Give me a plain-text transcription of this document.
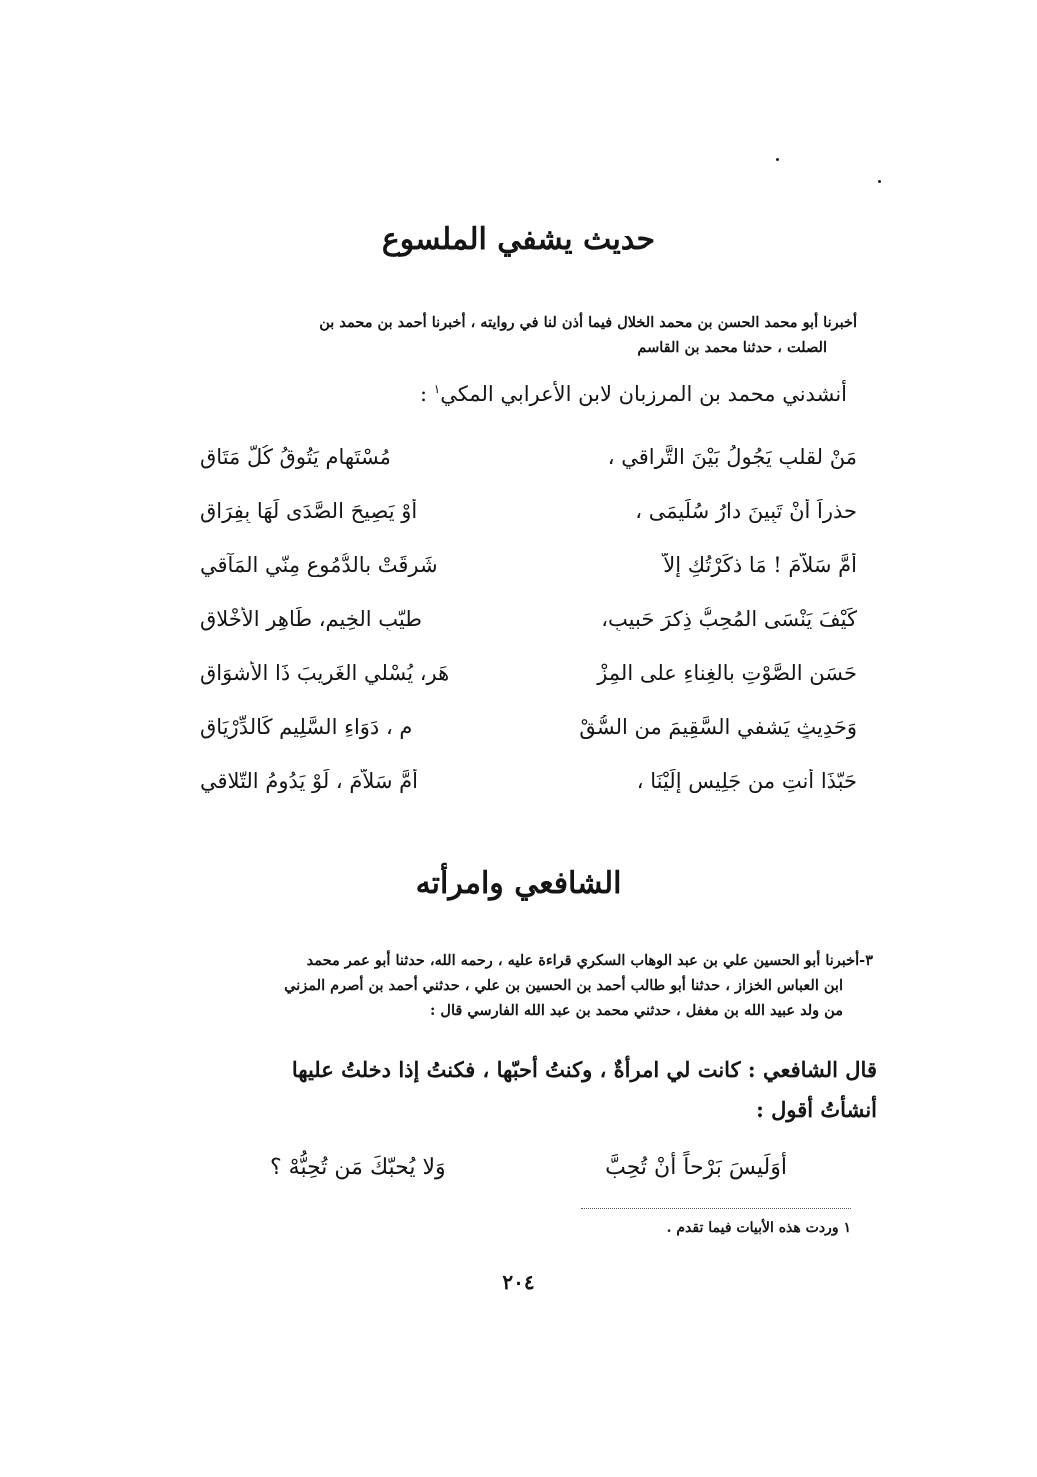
حديث يشفي الملسوع

أخبرنا أبو محمد الحسن بن محمد الخلال فيما أذن لنا في روايته ، أخبرنا أحمد بن محمد بن
الصلت ، حدثنا محمد بن القاسم

أنشدني محمد بن المرزبان لابن الأعرابي المكي$^١$ :

مَنْ لقلبٍ يَجُولُ بَيْنَ التَّراقي ،
مُسْتَهامٍ يَتُوقُ كُلَّ مَتَاقِ
حذراً أنْ تَبِينَ دارُ سُلَيمَى ،
أوْ يَصِيحَ الصَّدَى لَهَا بِفِرَاقِ
أمَّ سَلاَّمَ ! مَا ذكَرْتُكِ إلاَّ
شَرِقَتْ بالدُّمُوعِ مِنّي المَآقي
كَيْفَ يَنْسَى المُحِبُّ ذِكرَ حَبيبٍ،
طيّبِ الخِيمِ، طَاهِرِ الأخْلاقِ
حَسَنِ الصَّوْتِ بالغِناءِ على المِزْ
هَرِ، يُسْلي الغَرِيبَ ذَا الأشوَاقِ
وَحَدِيثٍ يَشفي السَّقِيمَ من السُّقْ
مِ ، دَوَاءِ السَّلِيمِ كَالدِّرْيَاقِ
حَبّذَا أنتِ من جَلِيسٍ إلَيْنَا ،
أمَّ سَلاَّمَ ، لَوْ يَدُومُ التّلاقي
الشافعي وامرأته

٣-أخبرنا أبو الحسين علي بن عبد الوهاب السكري قراءة عليه ، رحمه الله، حدثنا أبو عمر محمد
ابن العباس الخزاز ، حدثنا أبو طالب أحمد بن الحسين بن علي ، حدثني أحمد بن أصرم المزني
من ولد عبيد الله بن مغفل ، حدثني محمد بن عبد الله الفارسي قال :

قال الشافعي : كانت لي امرأةٌ ، وكنتُ أحبّها ، فكنتُ إذا دخلتُ عليها
أنشأتُ أقول :

أوَلَيسَ بَرْحاً أنْ تُحِبَّ
وَلا يُحبّكَ مَن تُحِبُّهْ ؟

١ وردت هذه الأبيات فيما تقدم .

٢٠٤
